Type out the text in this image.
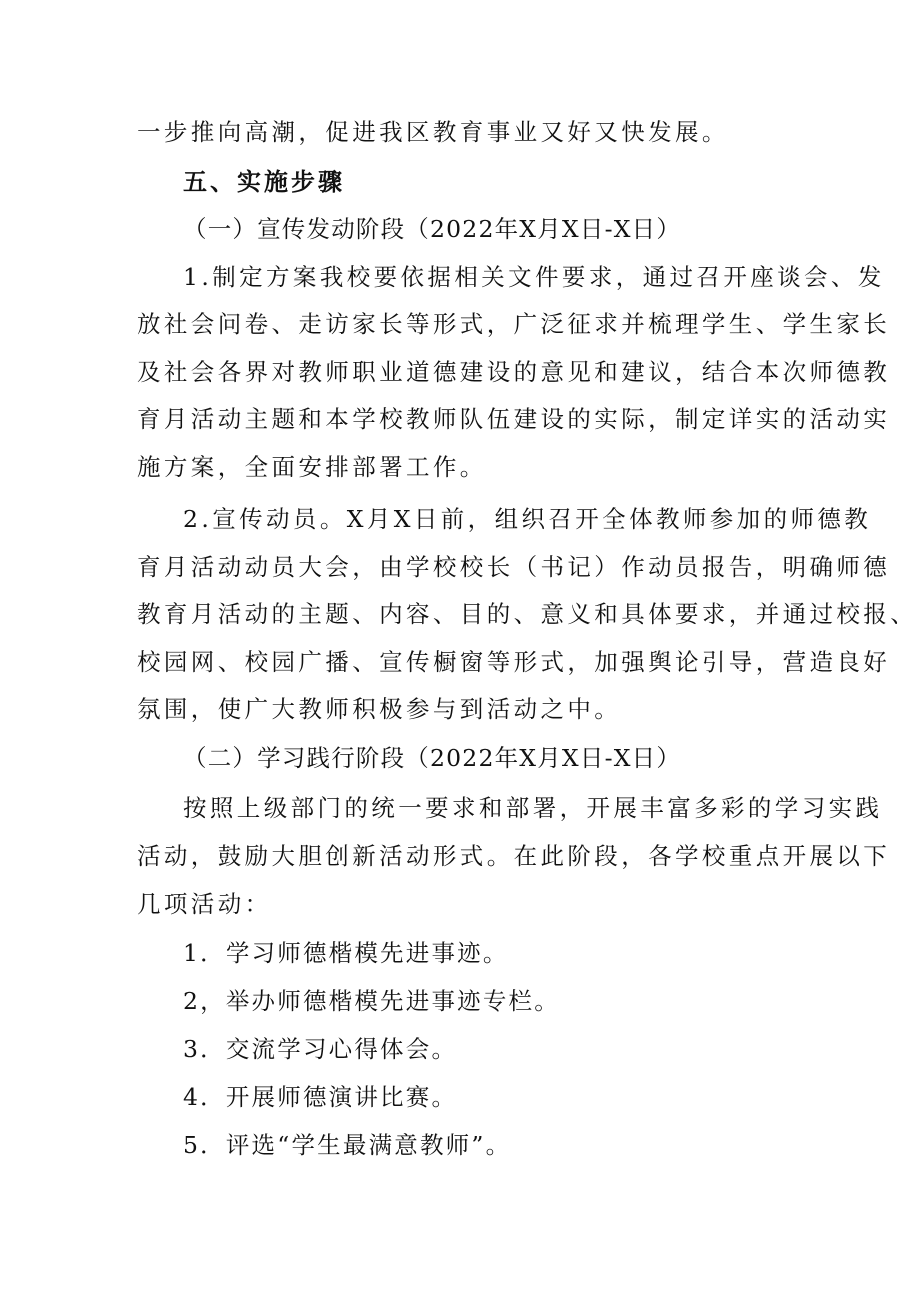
一步推向高潮，促进我区教育事业又好又快发展。
五、实施步骤
（一）宣传发动阶段（2022年X月X日-X日）
1.制定方案我校要依据相关文件要求，通过召开座谈会、发
放社会问卷、走访家长等形式，广泛征求并梳理学生、学生家长
及社会各界对教师职业道德建设的意见和建议，结合本次师德教
育月活动主题和本学校教师队伍建设的实际，制定详实的活动实
施方案，全面安排部署工作。
2.宣传动员。X月X日前，组织召开全体教师参加的师德教
育月活动动员大会，由学校校长（书记）作动员报告，明确师德
教育月活动的主题、内容、目的、意义和具体要求，并通过校报、
校园网、校园广播、宣传橱窗等形式，加强舆论引导，营造良好
氛围，使广大教师积极参与到活动之中。
（二）学习践行阶段（2022年X月X日-X日）
按照上级部门的统一要求和部署，开展丰富多彩的学习实践
活动，鼓励大胆创新活动形式。在此阶段，各学校重点开展以下
几项活动：
1．学习师德楷模先进事迹。
2，举办师德楷模先进事迹专栏。
3．交流学习心得体会。
4．开展师德演讲比赛。
5．评选“学生最满意教师”。
